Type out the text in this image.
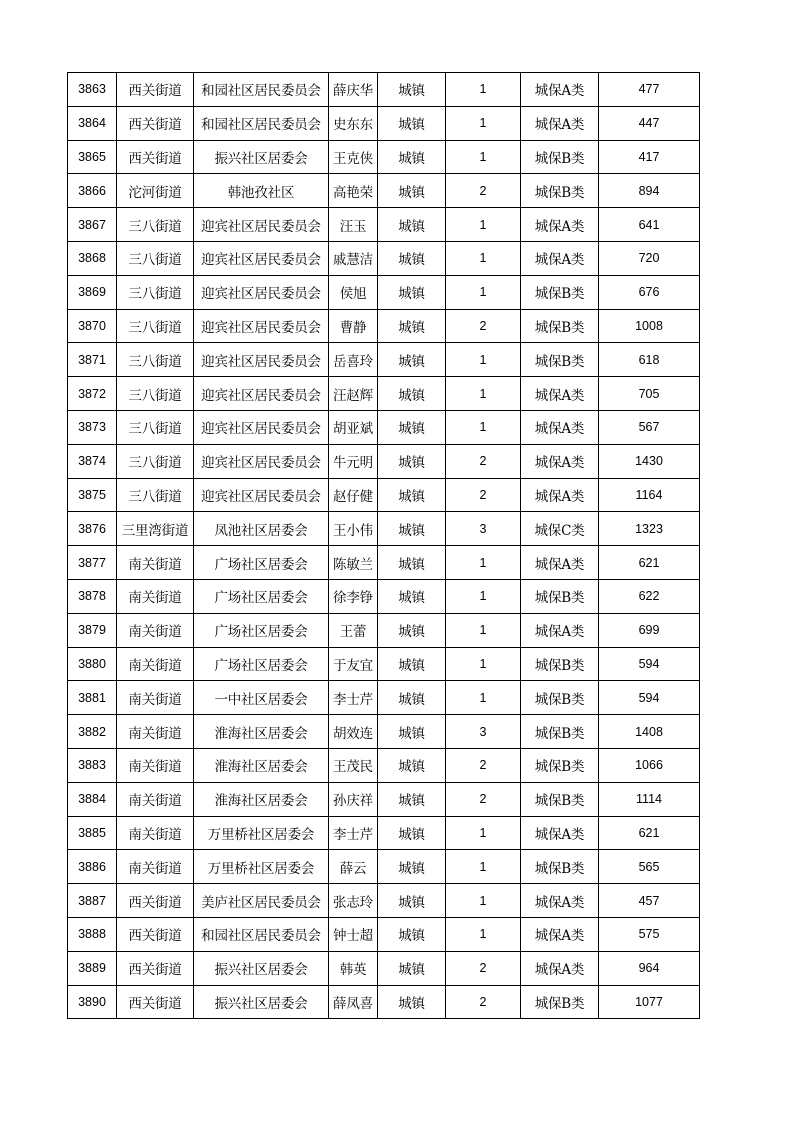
3863	西关街道	和园社区居民委员会	薛庆华	城镇	1	城保A类	477
3864	西关街道	和园社区居民委员会	史东东	城镇	1	城保A类	447
3865	西关街道	振兴社区居委会	王克侠	城镇	1	城保B类	417
3866	沱河街道	韩池孜社区	高艳荣	城镇	2	城保B类	894
3867	三八街道	迎宾社区居民委员会	汪玉	城镇	1	城保A类	641
3868	三八街道	迎宾社区居民委员会	戚慧洁	城镇	1	城保A类	720
3869	三八街道	迎宾社区居民委员会	侯旭	城镇	1	城保B类	676
3870	三八街道	迎宾社区居民委员会	曹静	城镇	2	城保B类	1008
3871	三八街道	迎宾社区居民委员会	岳喜玲	城镇	1	城保B类	618
3872	三八街道	迎宾社区居民委员会	汪赵辉	城镇	1	城保A类	705
3873	三八街道	迎宾社区居民委员会	胡亚斌	城镇	1	城保A类	567
3874	三八街道	迎宾社区居民委员会	牛元明	城镇	2	城保A类	1430
3875	三八街道	迎宾社区居民委员会	赵仔健	城镇	2	城保A类	1164
3876	三里湾街道	凤池社区居委会	王小伟	城镇	3	城保C类	1323
3877	南关街道	广场社区居委会	陈敏兰	城镇	1	城保A类	621
3878	南关街道	广场社区居委会	徐李铮	城镇	1	城保B类	622
3879	南关街道	广场社区居委会	王蕾	城镇	1	城保A类	699
3880	南关街道	广场社区居委会	于友宜	城镇	1	城保B类	594
3881	南关街道	一中社区居委会	李士芹	城镇	1	城保B类	594
3882	南关街道	淮海社区居委会	胡效连	城镇	3	城保B类	1408
3883	南关街道	淮海社区居委会	王茂民	城镇	2	城保B类	1066
3884	南关街道	淮海社区居委会	孙庆祥	城镇	2	城保B类	1114
3885	南关街道	万里桥社区居委会	李士芹	城镇	1	城保A类	621
3886	南关街道	万里桥社区居委会	薛云	城镇	1	城保B类	565
3887	西关街道	美庐社区居民委员会	张志玲	城镇	1	城保A类	457
3888	西关街道	和园社区居民委员会	钟士超	城镇	1	城保A类	575
3889	西关街道	振兴社区居委会	韩英	城镇	2	城保A类	964
3890	西关街道	振兴社区居委会	薛凤喜	城镇	2	城保B类	1077
